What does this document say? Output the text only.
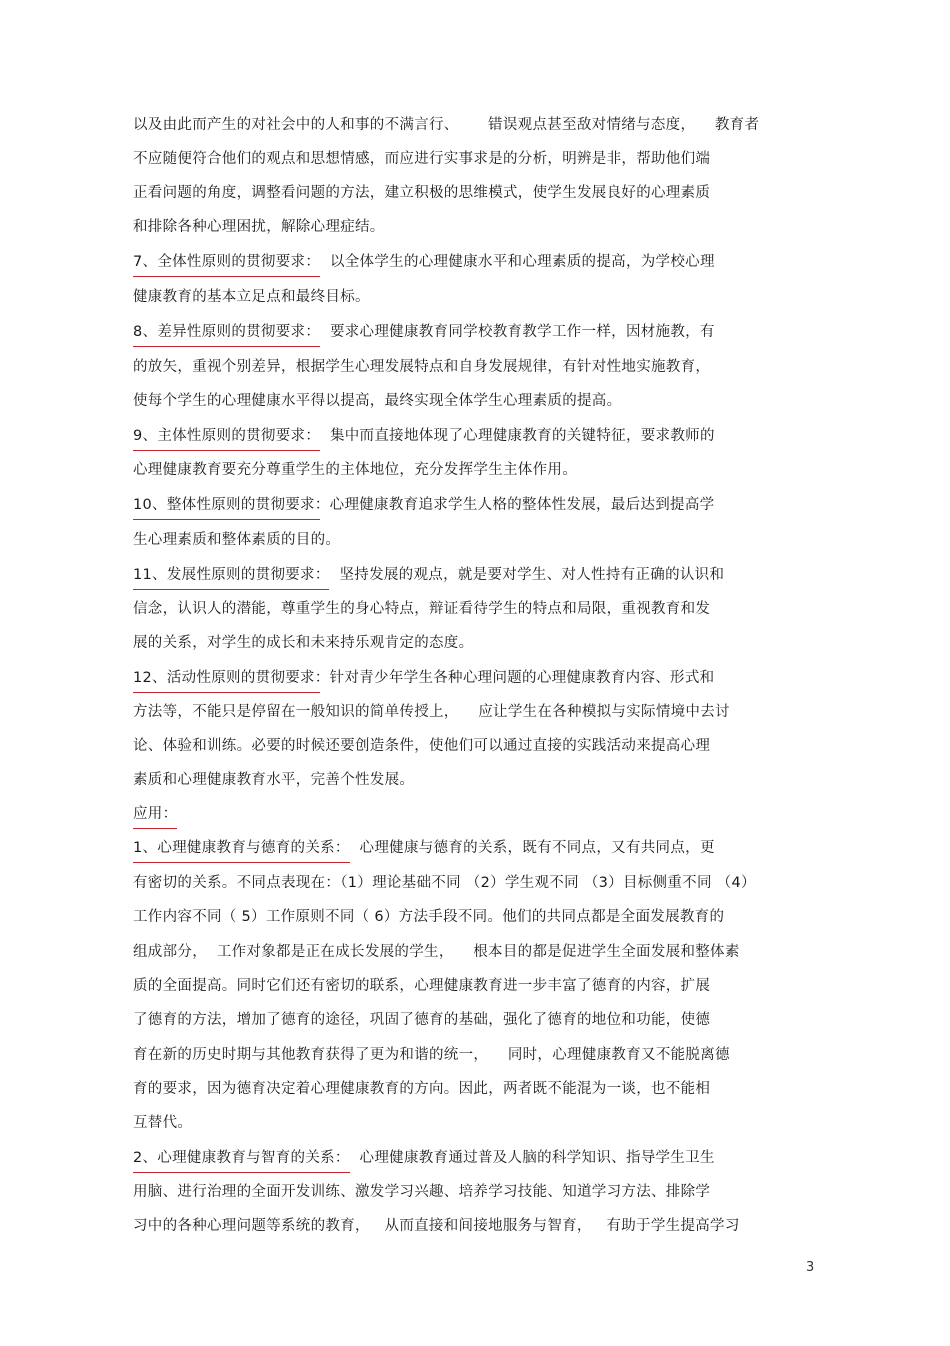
以及由此而产生的对社会中的人和事的不满言行、      错误观点甚至敌对情绪与态度，    教育者
不应随便符合他们的观点和思想情感，而应进行实事求是的分析，明辨是非，帮助他们端
正看问题的角度，调整看问题的方法，建立积极的思维模式，使学生发展良好的心理素质
和排除各种心理困扰，解除心理症结。
7、全体性原则的贯彻要求：
以全体学生的心理健康水平和心理素质的提高，为学校心理
健康教育的基本立足点和最终目标。
8、差异性原则的贯彻要求：
要求心理健康教育同学校教育教学工作一样，因材施教，有
的放矢，重视个别差异，根据学生心理发展特点和自身发展规律，有针对性地实施教育，
使每个学生的心理健康水平得以提高，最终实现全体学生心理素质的提高。
9、主体性原则的贯彻要求：
集中而直接地体现了心理健康教育的关键特征，要求教师的
心理健康教育要充分尊重学生的主体地位，充分发挥学生主体作用。
10、整体性原则的贯彻要求：
心理健康教育追求学生人格的整体性发展，最后达到提高学
生心理素质和整体素质的目的。
11、发展性原则的贯彻要求：
坚持发展的观点，就是要对学生、对人性持有正确的认识和
信念，认识人的潜能，尊重学生的身心特点，辩证看待学生的特点和局限，重视教育和发
展的关系，对学生的成长和未来持乐观肯定的态度。
12、活动性原则的贯彻要求：
针对青少年学生各种心理问题的心理健康教育内容、形式和
方法等，不能只是停留在一般知识的简单传授上，    应让学生在各种模拟与实际情境中去讨
论、体验和训练。必要的时候还要创造条件，使他们可以通过直接的实践活动来提高心理
素质和心理健康教育水平，完善个性发展。
应用：
1、心理健康教育与德育的关系：
心理健康与德育的关系，既有不同点，又有共同点，更
有密切的关系。不同点表现在：（1）理论基础不同 （2）学生观不同 （3）目标侧重不同 （4）
工作内容不同（ 5）工作原则不同（ 6）方法手段不同。他们的共同点都是全面发展教育的
组成部分，  工作对象都是正在成长发展的学生，    根本目的都是促进学生全面发展和整体素
质的全面提高。同时它们还有密切的联系，心理健康教育进一步丰富了德育的内容，扩展
了德育的方法，增加了德育的途径，巩固了德育的基础，强化了德育的地位和功能，使德
育在新的历史时期与其他教育获得了更为和谐的统一，    同时，心理健康教育又不能脱离德
育的要求，因为德育决定着心理健康教育的方向。因此，两者既不能混为一谈，也不能相
互替代。
2、心理健康教育与智育的关系：
心理健康教育通过普及人脑的科学知识、指导学生卫生
用脑、进行治理的全面开发训练、激发学习兴趣、培养学习技能、知道学习方法、排除学
习中的各种心理问题等系统的教育，   从而直接和间接地服务与智育，   有助于学生提高学习
3
